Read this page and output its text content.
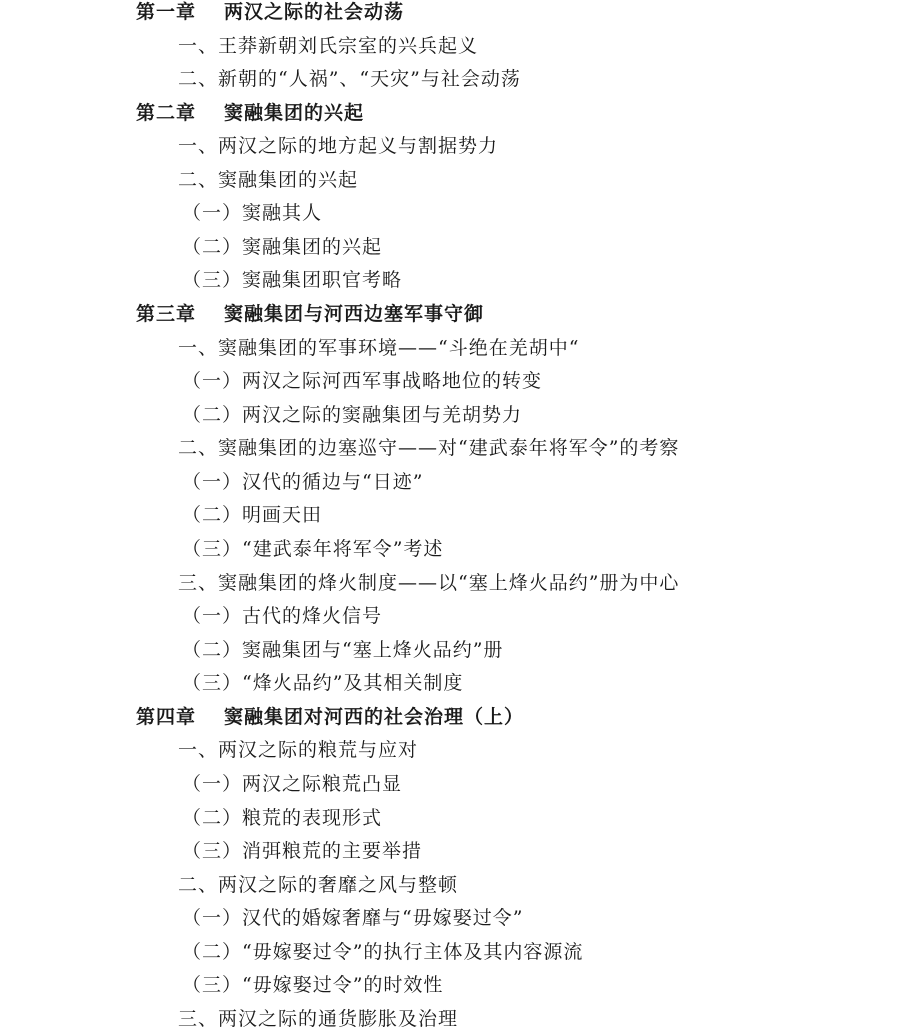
第一章 两汉之际的社会动荡
一、王莽新朝刘氏宗室的兴兵起义
二、新朝的“人祸”、“天灾”与社会动荡
第二章 窦融集团的兴起
一、两汉之际的地方起义与割据势力
二、窦融集团的兴起
（一）窦融其人
（二）窦融集团的兴起
（三）窦融集团职官考略
第三章 窦融集团与河西边塞军事守御
一、窦融集团的军事环境——“斗绝在羌胡中“
（一）两汉之际河西军事战略地位的转变
（二）两汉之际的窦融集团与羌胡势力
二、窦融集团的边塞巡守——对“建武泰年将军令”的考察
（一）汉代的循边与“日迹”
（二）明画天田
（三）“建武泰年将军令”考述
三、窦融集团的烽火制度——以“塞上烽火品约”册为中心
（一）古代的烽火信号
（二）窦融集团与“塞上烽火品约”册
（三）“烽火品约”及其相关制度
第四章 窦融集团对河西的社会治理（上）
一、两汉之际的粮荒与应对
（一）两汉之际粮荒凸显
（二）粮荒的表现形式
（三）消弭粮荒的主要举措
二、两汉之际的奢靡之风与整顿
（一）汉代的婚嫁奢靡与“毋嫁娶过令”
（二）“毋嫁娶过令”的执行主体及其内容源流
（三）“毋嫁娶过令”的时效性
三、两汉之际的通货膨胀及治理
